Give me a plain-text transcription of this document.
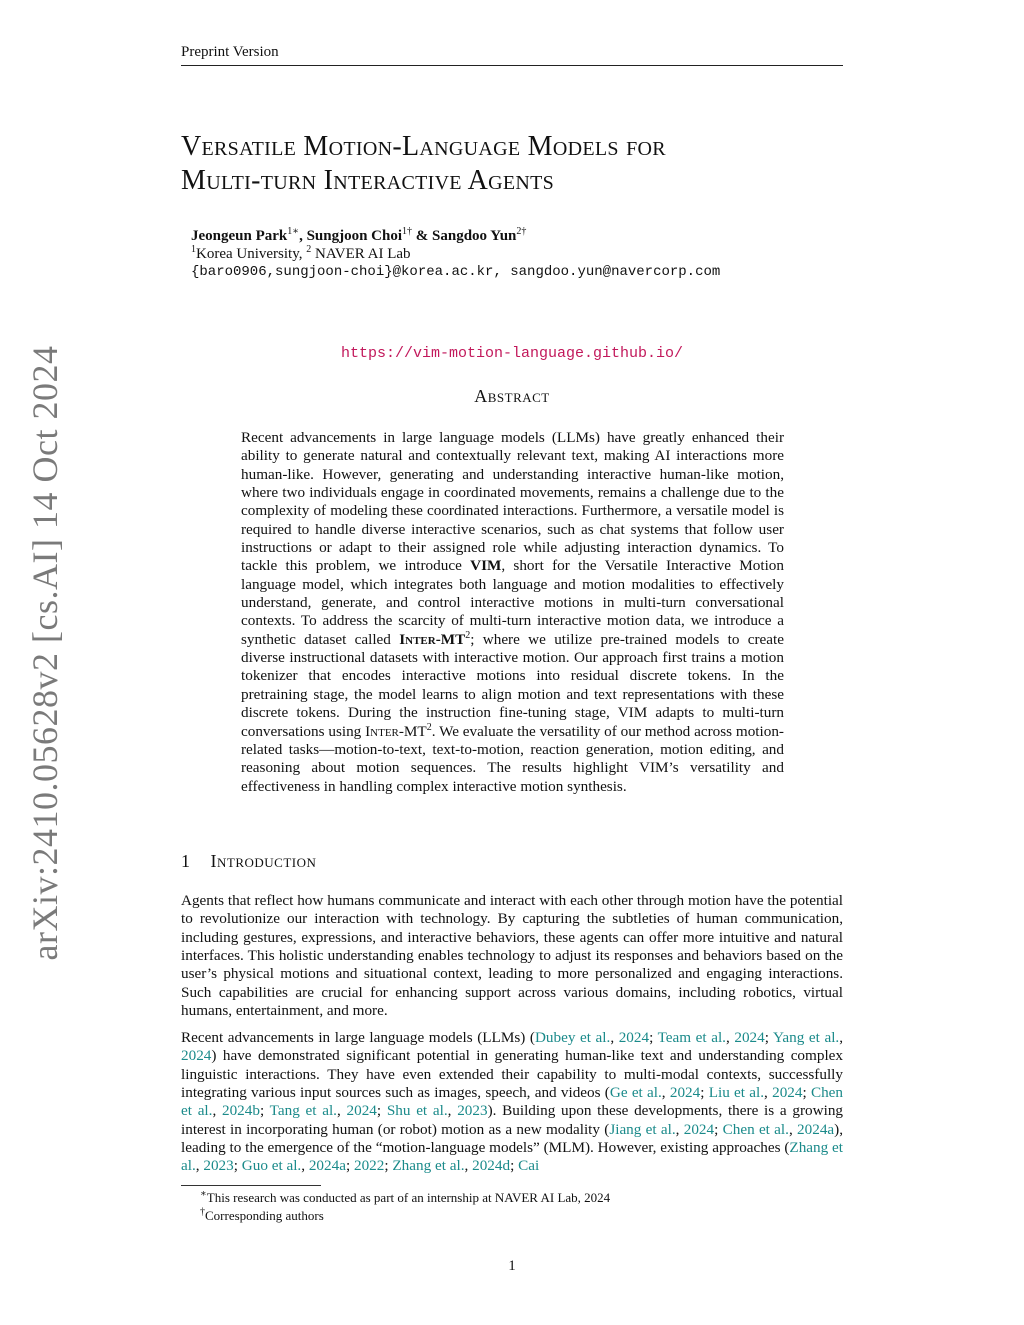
Preprint Version
arXiv:2410.05628v2 [cs.AI] 14 Oct 2024
Versatile Motion-Language Models for
Multi-turn Interactive Agents
Jeongeun Park$^{1∗}$, Sungjoon Choi$^{1\dagger}$ & Sangdoo Yun$^{2\dagger}$
$^1$Korea University, $^2$ NAVER AI Lab
{baro0906,sungjoon-choi}@korea.ac.kr, sangdoo.yun@navercorp.com
https://vim-motion-language.github.io/
Abstract
Recent advancements in large language models (LLMs) have greatly enhanced their ability to generate natural and contextually relevant text, making AI interactions more human-like. However, generating and understanding interactive human-like motion, where two individuals engage in coordinated movements, remains a challenge due to the complexity of modeling these coordinated interactions. Furthermore, a versatile model is required to handle diverse interactive scenarios, such as chat systems that follow user instructions or adapt to their assigned role while adjusting interaction dynamics. To tackle this problem, we introduce VIM, short for the Versatile Interactive Motion language model, which integrates both language and motion modalities to effectively understand, generate, and control interactive motions in multi-turn conversational contexts. To address the scarcity of multi-turn interactive motion data, we introduce a synthetic dataset called Inter-$MT^2$; where we utilize pre-trained models to create diverse instructional datasets with interactive motion. Our approach first trains a motion tokenizer that encodes interactive motions into residual discrete tokens. In the pretraining stage, the model learns to align motion and text representations with these discrete tokens. During the instruction fine-tuning stage, VIM adapts to multi-turn conversations using Inter-$MT^2$. We evaluate the versatility of our method across motion-related tasks—motion-to-text, text-to-motion, reaction generation, motion editing, and reasoning about motion sequences. The results highlight VIM’s versatility and effectiveness in handling complex interactive motion synthesis.
1 Introduction
Agents that reflect how humans communicate and interact with each other through motion have the potential to revolutionize our interaction with technology. By capturing the subtleties of human communication, including gestures, expressions, and interactive behaviors, these agents can offer more intuitive and natural interfaces. This holistic understanding enables technology to adjust its responses and behaviors based on the user’s physical motions and situational context, leading to more personalized and engaging interactions. Such capabilities are crucial for enhancing support across various domains, including robotics, virtual humans, entertainment, and more.
Recent advancements in large language models (LLMs) (Dubey et al., 2024; Team et al., 2024; Yang et al., 2024) have demonstrated significant potential in generating human-like text and understanding complex linguistic interactions. They have even extended their capability to multi-modal contexts, successfully integrating various input sources such as images, speech, and videos (Ge et al., 2024; Liu et al., 2024; Chen et al., 2024b; Tang et al., 2024; Shu et al., 2023). Building upon these developments, there is a growing interest in incorporating human (or robot) motion as a new modality (Jiang et al., 2024; Chen et al., 2024a), leading to the emergence of the “motion-language models” (MLM). However, existing approaches (Zhang et al., 2023; Guo et al., 2024a; 2022; Zhang et al., 2024d; Cai
∗This research was conducted as part of an internship at NAVER AI Lab, 2024
†Corresponding authors
1
